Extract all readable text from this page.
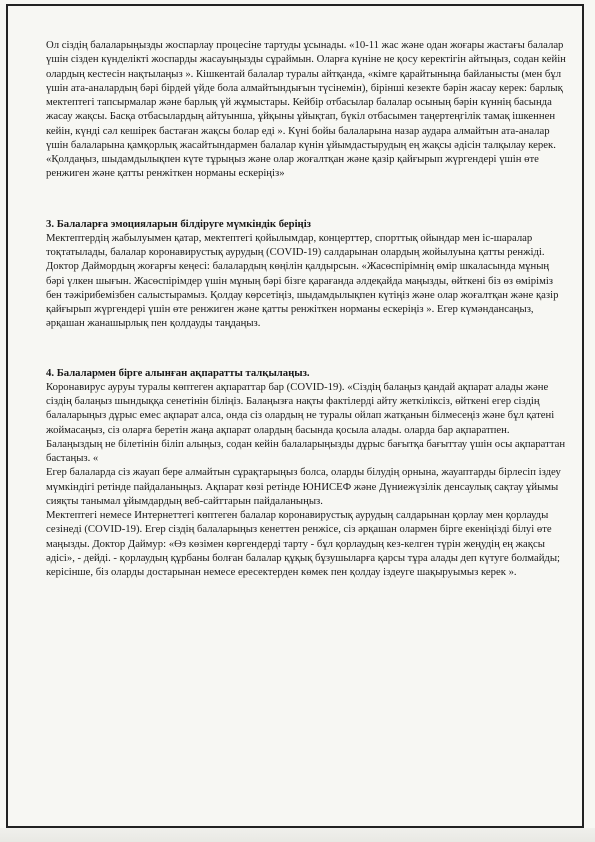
Ол сіздің балаларыңызды жоспарлау процесіне тартуды ұсынады. «10-11 жас және одан жоғары жастағы балалар үшін сізден күнделікті жоспарды жасауыңызды сұраймын. Оларға күніне не қосу керектігін айтыңыз, содан кейін олардың кестесін нақтылаңыз ». Кішкентай балалар туралы айтқанда, «кімге қарайтыныңа байланысты (мен бұл үшін ата-аналардың бәрі бірдей үйде бола алмайтындығын түсінемін), бірінші кезекте бәрін жасау керек: барлық мектептегі тапсырмалар және барлық үй жұмыстары. Кейбір отбасылар балалар осының бәрін күннің басында жасау жақсы. Басқа отбасылардың айтуынша, ұйқыны ұйықтап, бүкіл отбасымен таңертеңгілік тамақ ішкеннен кейін, күнді сәл кешірек бастаған жақсы болар еді ». Күні бойы балаларына назар аудара алмайтын ата-аналар үшін балаларына қамқорлық жасайтындармен балалар күнін ұйымдастырудың ең жақсы әдісін талқылау керек. «Қолдаңыз, шыдамдылықпен күте тұрыңыз және олар жоғалтқан және қазір қайғырып жүргендері үшін өте ренжиген және қатты ренжіткен норманы ескеріңіз»

3. Балаларға эмоцияларын білдіруге мүмкіндік беріңіз

Мектептердің жабылуымен қатар, мектептегі қойылымдар, концерттер, спорттық ойындар мен іс-шаралар тоқтатылады, балалар коронавирустық аурудың (COVID-19) салдарынан олардың жойылуына қатты ренжіді. Доктор Даймордың жоғарғы кеңесі: балалардың көңілін қалдырсын. «Жасөспірімнің өмір шкаласында мұның бәрі үлкен шығын. Жасөспірімдер үшін мұның бәрі бізге қарағанда әлдеқайда маңызды, өйткені біз өз өміріміз бен тәжірибемізбен салыстырамыз. Қолдау көрсетіңіз, шыдамдылықпен күтіңіз және олар жоғалтқан және қазір қайғырып жүргендері үшін өте ренжиген және қатты ренжіткен норманы ескеріңіз ». Егер күмәндансаңыз, әрқашан жанашырлық пен қолдауды таңдаңыз.

4. Балалармен бірге алынған ақпаратты талқылаңыз.

Коронавирус ауруы туралы көптеген ақпараттар бар (COVID-19). «Сіздің балаңыз қандай ақпарат алады және сіздің балаңыз шындыққа сенетінін біліңіз. Балаңызға нақты фактілерді айту жеткіліксіз, өйткені егер сіздің балаларыңыз дұрыс емес ақпарат алса, онда сіз олардың не туралы ойлап жатқанын білмесеңіз және бұл қатені жоймасаңыз, сіз оларға беретін жаңа ақпарат олардың басында қосыла алады. оларда бар ақпаратпен. Балаңыздың не білетінін біліп алыңыз, содан кейін балаларыңызды дұрыс бағытқа бағыттау үшін осы ақпараттан бастаңыз. «

Егер балаларда сіз жауап бере алмайтын сұрақтарыңыз болса, оларды білудің орнына, жауаптарды бірлесіп іздеу мүмкіндігі ретінде пайдаланыңыз. Ақпарат көзі ретінде ЮНИСЕФ және Дүниежүзілік денсаулық сақтау ұйымы сияқты танымал ұйымдардың веб-сайттарын пайдаланыңыз.

Мектептегі немесе Интернеттегі көптеген балалар коронавирустық аурудың салдарынан қорлау мен қорлауды сезінеді (COVID-19). Егер сіздің балаларыңыз кенеттен ренжісе, сіз әрқашан олармен бірге екеніңізді білуі өте маңызды. Доктор Даймур: «Өз көзімен көргендерді тарту - бұл қорлаудың кез-келген түрін жеңудің ең жақсы әдісі», - дейді. - қорлаудың құрбаны болған балалар құқық бұзушыларға қарсы тұра алады деп күтуге болмайды; керісінше, біз оларды достарынан немесе ересектерден көмек пен қолдау іздеуге шақыруымыз керек ».
